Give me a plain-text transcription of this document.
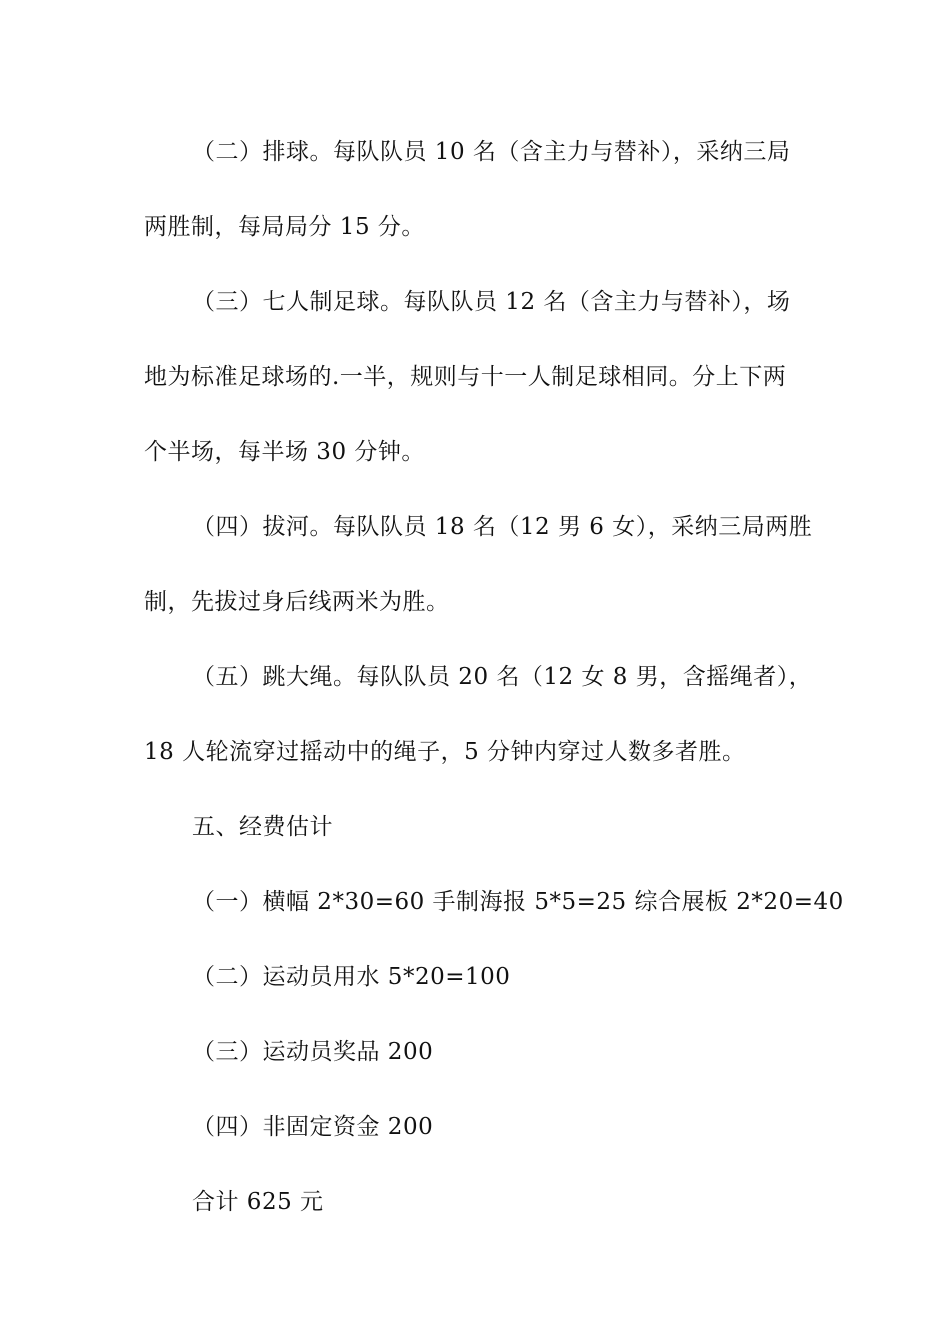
（二）排球。每队队员 10 名（含主力与替补），采纳三局
两胜制，每局局分 15 分。
（三）七人制足球。每队队员 12 名（含主力与替补），场
地为标准足球场的.一半，规则与十一人制足球相同。分上下两
个半场，每半场 30 分钟。
（四）拔河。每队队员 18 名（12 男 6 女），采纳三局两胜
制，先拔过身后线两米为胜。
（五）跳大绳。每队队员 20 名（12 女 8 男，含摇绳者），
18 人轮流穿过摇动中的绳子，5 分钟内穿过人数多者胜。
五、经费估计
（一）横幅 2*30=60 手制海报 5*5=25 综合展板 2*20=40
（二）运动员用水 5*20=100
（三）运动员奖品 200
（四）非固定资金 200
合计 625 元
